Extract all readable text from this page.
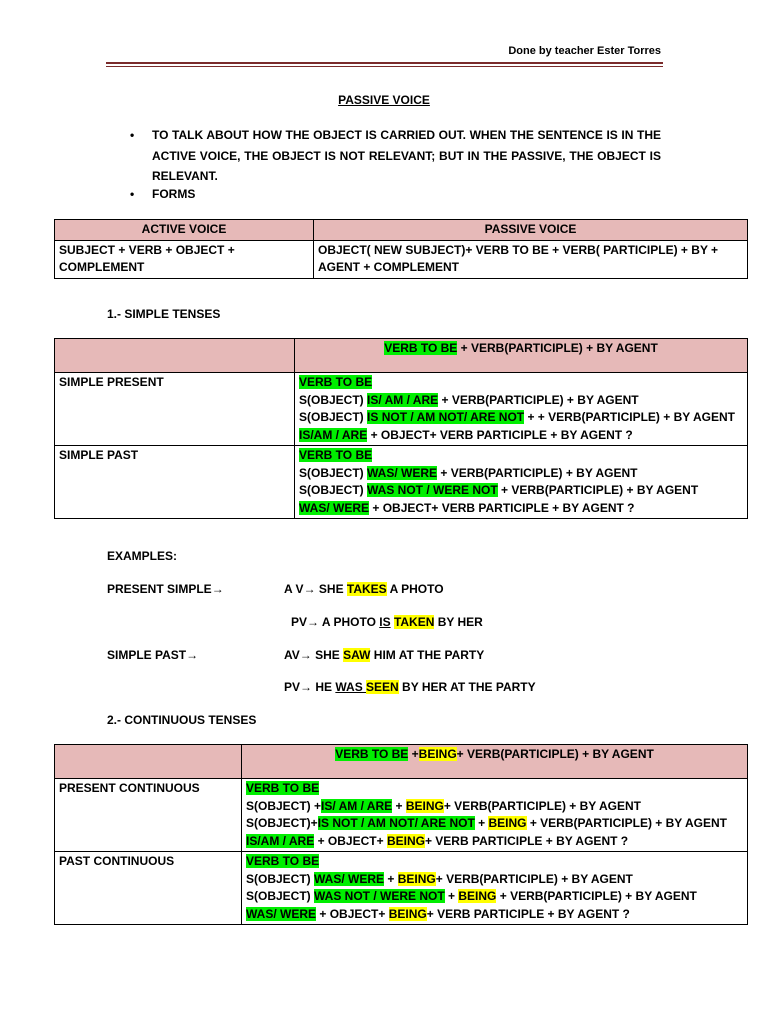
Done by teacher Ester Torres
PASSIVE VOICE
• TO TALK ABOUT HOW THE OBJECT IS CARRIED OUT. WHEN THE SENTENCE IS IN THE ACTIVE VOICE, THE OBJECT IS NOT RELEVANT; BUT IN THE PASSIVE, THE OBJECT IS RELEVANT.
• FORMS
ACTIVE VOICE	PASSIVE VOICE
SUBJECT + VERB + OBJECT + COMPLEMENT	OBJECT( NEW SUBJECT)+ VERB TO BE + VERB( PARTICIPLE) + BY + AGENT + COMPLEMENT
1.- SIMPLE TENSES
	VERB TO BE + VERB(PARTICIPLE) + BY AGENT
SIMPLE PRESENT	VERB TO BE
S(OBJECT) IS/ AM / ARE + VERB(PARTICIPLE) + BY AGENT
S(OBJECT) IS NOT / AM NOT/ ARE NOT + + VERB(PARTICIPLE) + BY AGENT
IS/AM / ARE + OBJECT+ VERB PARTICIPLE + BY AGENT ?

SIMPLE PAST	VERB TO BE
S(OBJECT) WAS/ WERE + VERB(PARTICIPLE) + BY AGENT
S(OBJECT) WAS NOT / WERE NOT + VERB(PARTICIPLE) + BY AGENT
WAS/ WERE + OBJECT+ VERB PARTICIPLE + BY AGENT ?
EXAMPLES:
PRESENT SIMPLE→	A V→ SHE TAKES A PHOTO
PV→ A PHOTO IS TAKEN BY HER
SIMPLE PAST→	AV→ SHE SAW HIM AT THE PARTY
PV→ HE WAS SEEN BY HER AT THE PARTY
2.- CONTINUOUS TENSES
	VERB TO BE +BEING+ VERB(PARTICIPLE) + BY AGENT
PRESENT CONTINUOUS	VERB TO BE
S(OBJECT) +IS/ AM / ARE + BEING+ VERB(PARTICIPLE) + BY AGENT
S(OBJECT)+IS NOT / AM NOT/ ARE NOT + BEING + VERB(PARTICIPLE) + BY AGENT
IS/AM / ARE + OBJECT+ BEING+ VERB PARTICIPLE + BY AGENT ?

PAST CONTINUOUS	VERB TO BE
S(OBJECT) WAS/ WERE + BEING+ VERB(PARTICIPLE) + BY AGENT
S(OBJECT) WAS NOT / WERE NOT + BEING + VERB(PARTICIPLE) + BY AGENT
WAS/ WERE + OBJECT+ BEING+ VERB PARTICIPLE + BY AGENT ?
